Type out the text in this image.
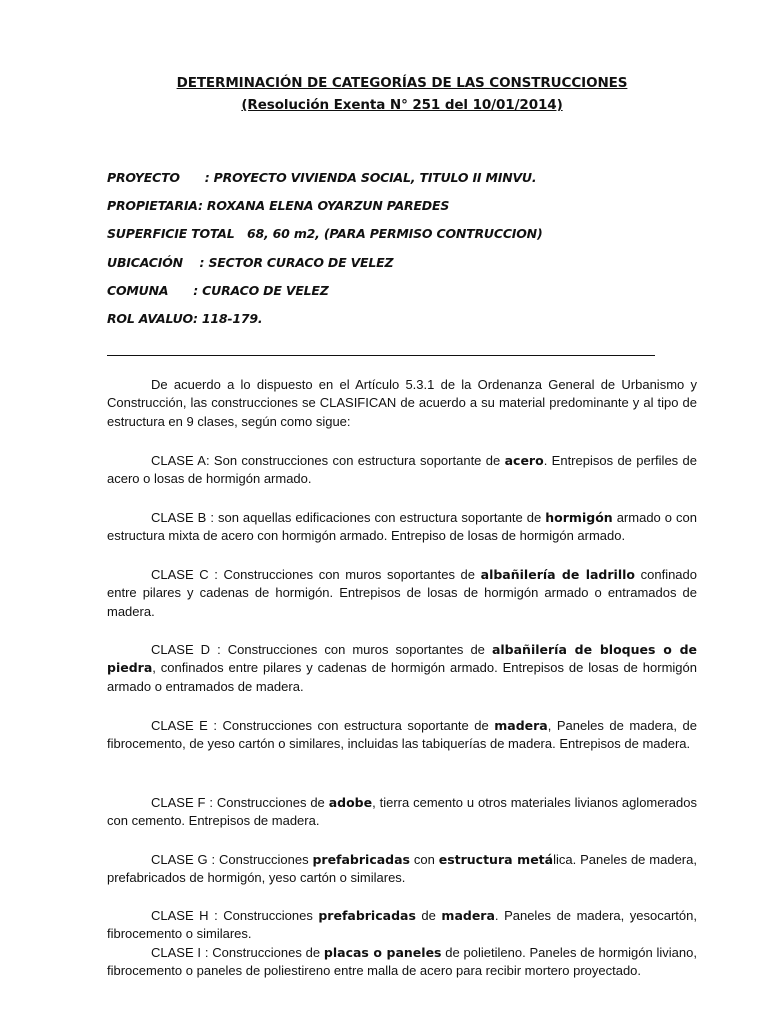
DETERMINACIÓN DE CATEGORÍAS DE LAS CONSTRUCCIONES
(Resolución Exenta N° 251 del 10/01/2014)
PROYECTO      : PROYECTO VIVIENDA SOCIAL, TITULO II MINVU.
PROPIETARIA: ROXANA ELENA OYARZUN PAREDES
SUPERFICIE TOTAL   68, 60 m2, (PARA PERMISO CONTRUCCION)
UBICACIÓN    : SECTOR CURACO DE VELEZ
COMUNA      : CURACO DE VELEZ
ROL AVALUO: 118-179.
De acuerdo a lo dispuesto en el Artículo 5.3.1 de la Ordenanza General de Urbanismo y Construcción, las construcciones se CLASIFICAN de acuerdo a su material predominante y al tipo de estructura en 9 clases, según como sigue:
CLASE A: Son construcciones con estructura soportante de acero. Entrepisos de perfiles de acero o losas de hormigón armado.
CLASE B : son aquellas edificaciones con estructura soportante de hormigón armado o con estructura mixta de acero con hormigón armado. Entrepiso de losas de hormigón armado.
CLASE C : Construcciones con muros soportantes de albañilería de ladrillo confinado entre pilares y cadenas de hormigón. Entrepisos de losas de hormigón armado o entramados de madera.
CLASE D : Construcciones con muros soportantes de albañilería de bloques o de piedra, confinados entre pilares y cadenas de hormigón armado. Entrepisos de losas de hormigón armado o entramados de madera.
CLASE E : Construcciones con estructura soportante de madera, Paneles de madera, de fibrocemento, de yeso cartón o similares, incluidas las tabiquerías de madera. Entrepisos de madera.
CLASE F : Construcciones de adobe, tierra cemento u otros materiales livianos aglomerados con cemento. Entrepisos de madera.
CLASE G : Construcciones prefabricadas con estructura metálica. Paneles de madera, prefabricados de hormigón, yeso cartón o similares.
CLASE H : Construcciones prefabricadas de madera. Paneles de madera, yesocartón, fibrocemento o similares.
CLASE I : Construcciones de placas o paneles de polietileno. Paneles de hormigón liviano, fibrocemento o paneles de poliestireno entre malla de acero para recibir mortero proyectado.
